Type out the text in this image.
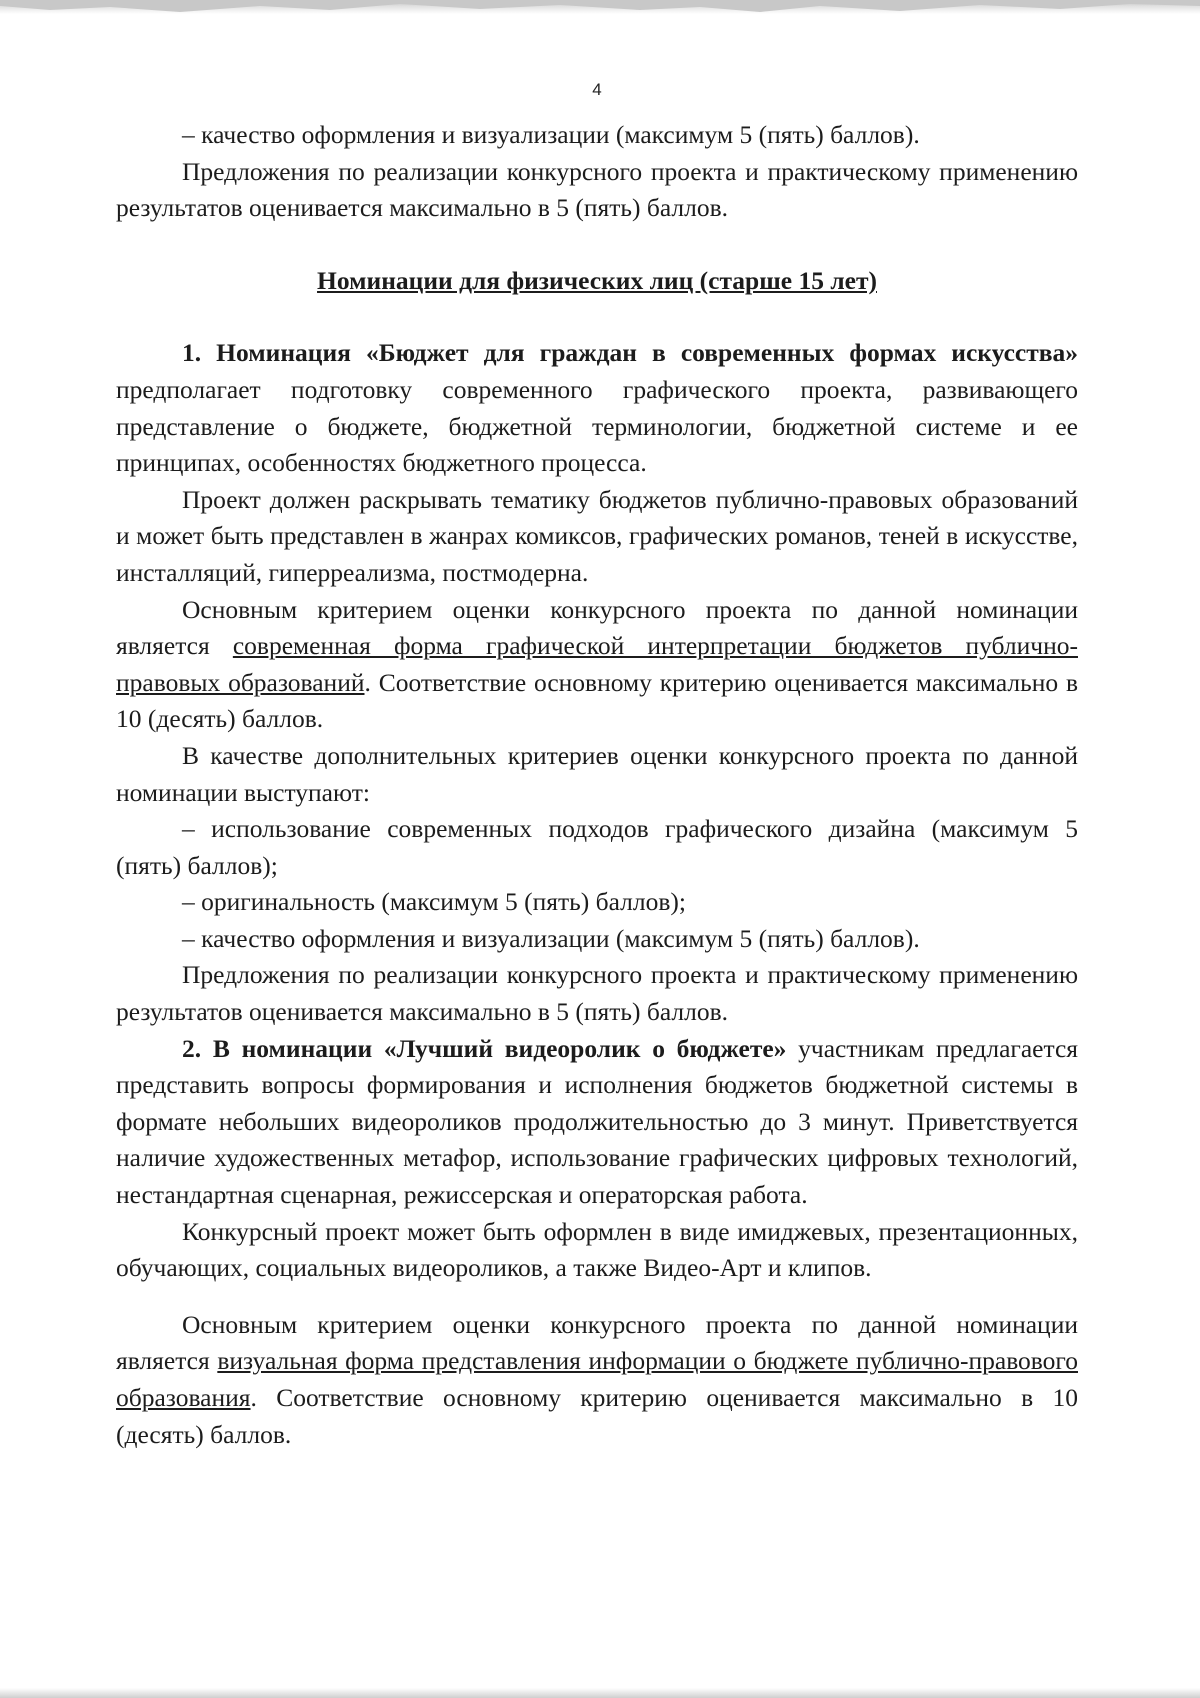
4

– качество оформления и визуализации (максимум 5 (пять) баллов).

Предложения по реализации конкурсного проекта и практическому применению результатов оценивается максимально в 5 (пять) баллов.

Номинации для физических лиц (старше 15 лет)

1. Номинация «Бюджет для граждан в современных формах искусства» предполагает подготовку современного графического проекта, развивающего представление о бюджете, бюджетной терминологии, бюджетной системе и ее принципах, особенностях бюджетного процесса.

Проект должен раскрывать тематику бюджетов публично-правовых образований и может быть представлен в жанрах комиксов, графических романов, теней в искусстве, инсталляций, гиперреализма, постмодерна.

Основным критерием оценки конкурсного проекта по данной номинации является современная форма графической интерпретации бюджетов публично-правовых образований. Соответствие основному критерию оценивается максимально в 10 (десять) баллов.

В качестве дополнительных критериев оценки конкурсного проекта по данной номинации выступают:

– использование современных подходов графического дизайна (максимум 5 (пять) баллов);

– оригинальность (максимум 5 (пять) баллов);

– качество оформления и визуализации (максимум 5 (пять) баллов).

Предложения по реализации конкурсного проекта и практическому применению результатов оценивается максимально в 5 (пять) баллов.

2. В номинации «Лучший видеоролик о бюджете» участникам предлагается представить вопросы формирования и исполнения бюджетов бюджетной системы в формате небольших видеороликов продолжительностью до 3 минут. Приветствуется наличие художественных метафор, использование графических цифровых технологий, нестандартная сценарная, режиссерская и операторская работа.

Конкурсный проект может быть оформлен в виде имиджевых, презентационных, обучающих, социальных видеороликов, а также Видео-Арт и клипов.

Основным критерием оценки конкурсного проекта по данной номинации является визуальная форма представления информации о бюджете публично-правового образования. Соответствие основному критерию оценивается максимально в 10 (десять) баллов.
